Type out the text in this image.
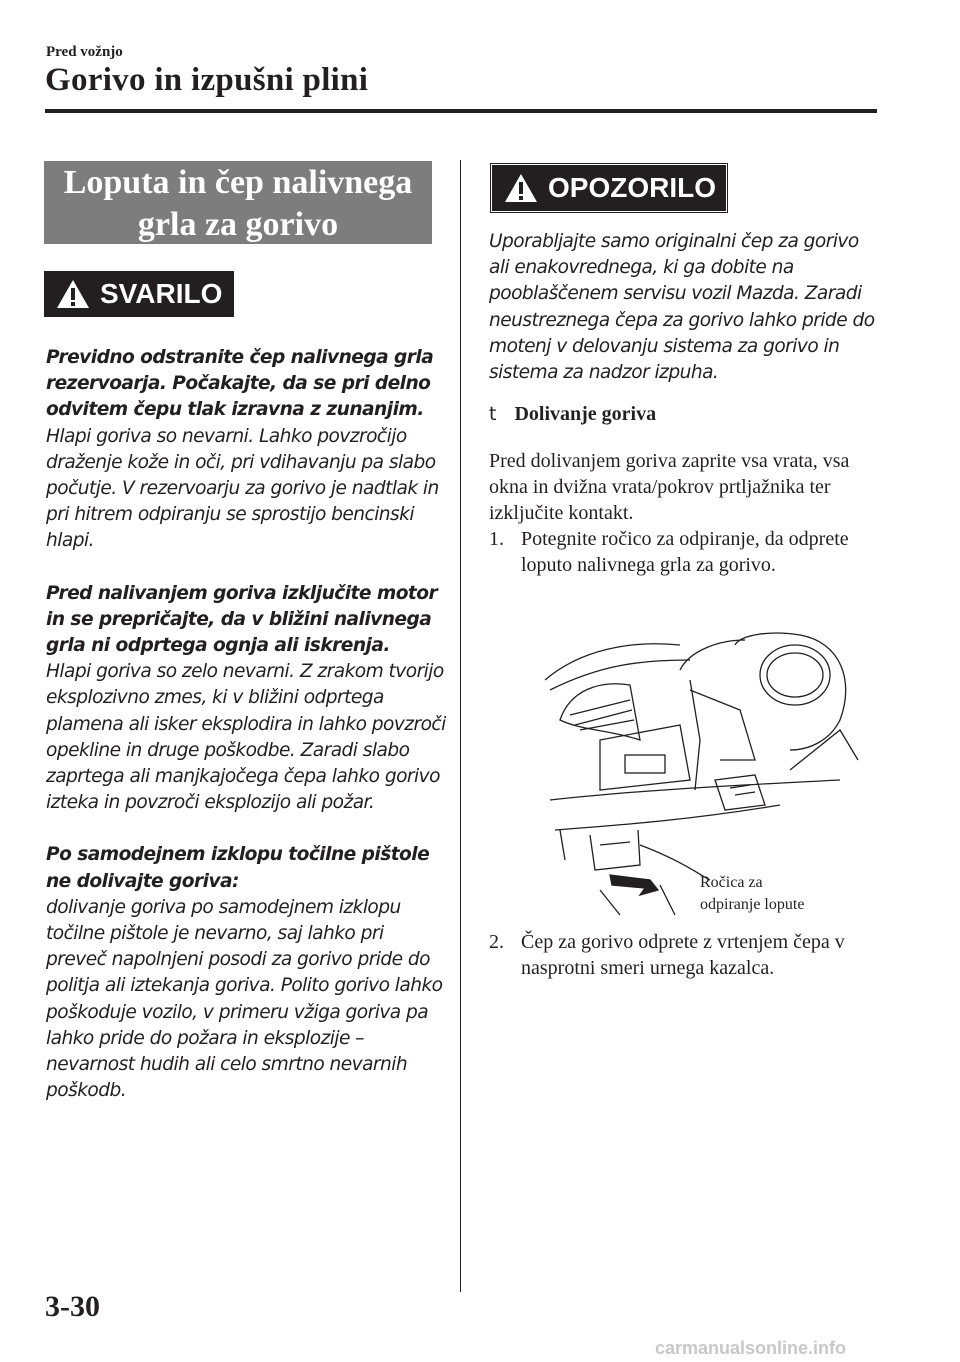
Pred vožnjo
Gorivo in izpušni plini
Loputa in čep nalivnega
grla za gorivo
SVARILO

Previdno odstranite čep nalivnega grla rezervoarja. Počakajte, da se pri delno odvitem čepu tlak izravna z zunanjim.
Hlapi goriva so nevarni. Lahko povzročijo draženje kože in oči, pri vdihavanju pa slabo počutje. V rezervoarju za gorivo je nadtlak in pri hitrem odpiranju se sprostijo bencinski hlapi.

Pred nalivanjem goriva izključite motor in se prepričajte, da v bližini nalivnega grla ni odprtega ognja ali iskrenja.
Hlapi goriva so zelo nevarni. Z zrakom tvorijo eksplozivno zmes, ki v bližini odprtega plamena ali isker eksplodira in lahko povzroči opekline in druge poškodbe. Zaradi slabo zaprtega ali manjkajočega čepa lahko gorivo izteka in povzroči eksplozijo ali požar.

Po samodejnem izklopu točilne pištole ne dolivajte goriva:
dolivanje goriva po samodejnem izklopu točilne pištole je nevarno, saj lahko pri preveč napolnjeni posodi za gorivo pride do politja ali iztekanja goriva. Polito gorivo lahko poškoduje vozilo, v primeru vžiga goriva pa lahko pride do požara in eksplozije – nevarnost hudih ali celo smrtno nevarnih poškodb.

OPOZORILO
Uporabljajte samo originalni čep za gorivo ali enakovrednega, ki ga dobite na pooblaščenem servisu vozil Mazda. Zaradi neustreznega čepa za gorivo lahko pride do motenj v delovanju sistema za gorivo in sistema za nadzor izpuha.
t Dolivanje goriva
Pred dolivanjem goriva zaprite vsa vrata, vsa okna in dvižna vrata/pokrov prtljažnika ter izključite kontakt.
1. Potegnite ročico za odpiranje, da odprete loputo nalivnega grla za gorivo.
Ročica za
odpiranje lopute
2. Čep za gorivo odprete z vrtenjem čepa v nasprotni smeri urnega kazalca.
3-30
carmanualsonline.info
